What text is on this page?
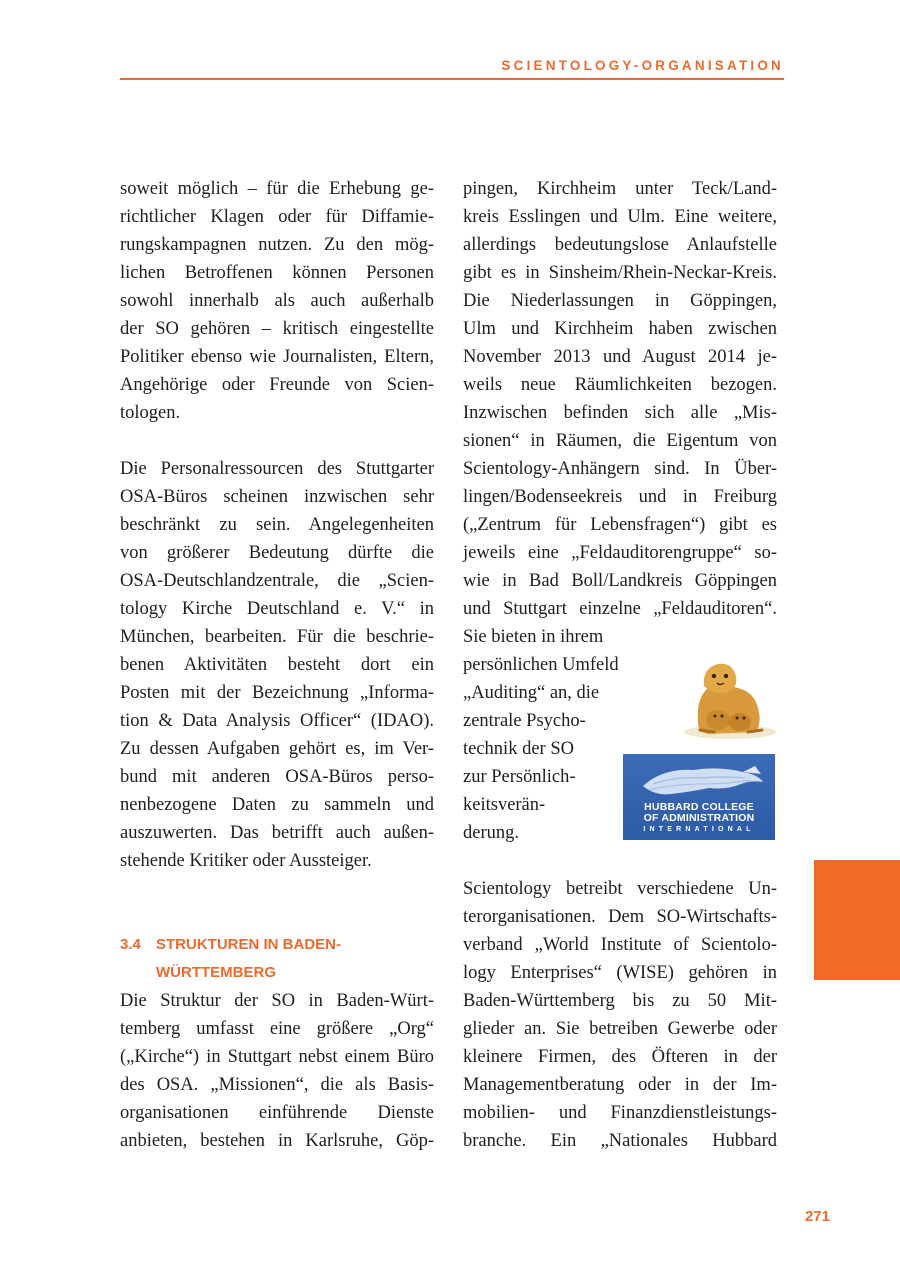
SCIENTOLOGY-ORGANISATION
soweit möglich – für die Erhebung ge-
richtlicher Klagen oder für Diffamie-
rungskampagnen nutzen. Zu den mög-
lichen Betroffenen können Personen
sowohl innerhalb als auch außerhalb
der SO gehören – kritisch eingestellte
Politiker ebenso wie Journalisten, Eltern,
Angehörige oder Freunde von Scien-
tologen.
Die Personalressourcen des Stuttgarter
OSA-Büros scheinen inzwischen sehr
beschränkt zu sein. Angelegenheiten
von größerer Bedeutung dürfte die
OSA-Deutschlandzentrale, die „Scien-
tology Kirche Deutschland e. V.“ in
München, bearbeiten. Für die beschrie-
benen Aktivitäten besteht dort ein
Posten mit der Bezeichnung „Informa-
tion & Data Analysis Officer“ (IDAO).
Zu dessen Aufgaben gehört es, im Ver-
bund mit anderen OSA-Büros perso-
nenbezogene Daten zu sammeln und
auszuwerten. Das betrifft auch außen-
stehende Kritiker oder Aussteiger.
3.4 STRUKTUREN IN BADEN-
WÜRTTEMBERG
Die Struktur der SO in Baden-Würt-
temberg umfasst eine größere „Org“
(„Kirche“) in Stuttgart nebst einem Büro
des OSA. „Missionen“, die als Basis-
organisationen einführende Dienste
anbieten, bestehen in Karlsruhe, Göp-
pingen, Kirchheim unter Teck/Land-
kreis Esslingen und Ulm. Eine weitere,
allerdings bedeutungslose Anlaufstelle
gibt es in Sinsheim/Rhein-Neckar-Kreis.
Die Niederlassungen in Göppingen,
Ulm und Kirchheim haben zwischen
November 2013 und August 2014 je-
weils neue Räumlichkeiten bezogen.
Inzwischen befinden sich alle „Mis-
sionen“ in Räumen, die Eigentum von
Scientology-Anhängern sind. In Über-
lingen/Bodenseekreis und in Freiburg
(„Zentrum für Lebensfragen“) gibt es
jeweils eine „Feldauditorengruppe“ so-
wie in Bad Boll/Landkreis Göppingen
und Stuttgart einzelne „Feldauditoren“.
Sie bieten in ihrem
persönlichen Umfeld
„Auditing“ an, die
zentrale Psycho-
technik der SO
zur Persönlich-
keitsverän-
derung.
Scientology betreibt verschiedene Un-
terorganisationen. Dem SO-Wirtschafts-
verband „World Institute of Scientolo-
logy Enterprises“ (WISE) gehören in
Baden-Württemberg bis zu 50 Mit-
glieder an. Sie betreiben Gewerbe oder
kleinere Firmen, des Öfteren in der
Managementberatung oder in der Im-
mobilien- und Finanzdienstleistungs-
branche. Ein „Nationales Hubbard
HUBBARD COLLEGE
OF ADMINISTRATION
INTERNATIONAL
271
